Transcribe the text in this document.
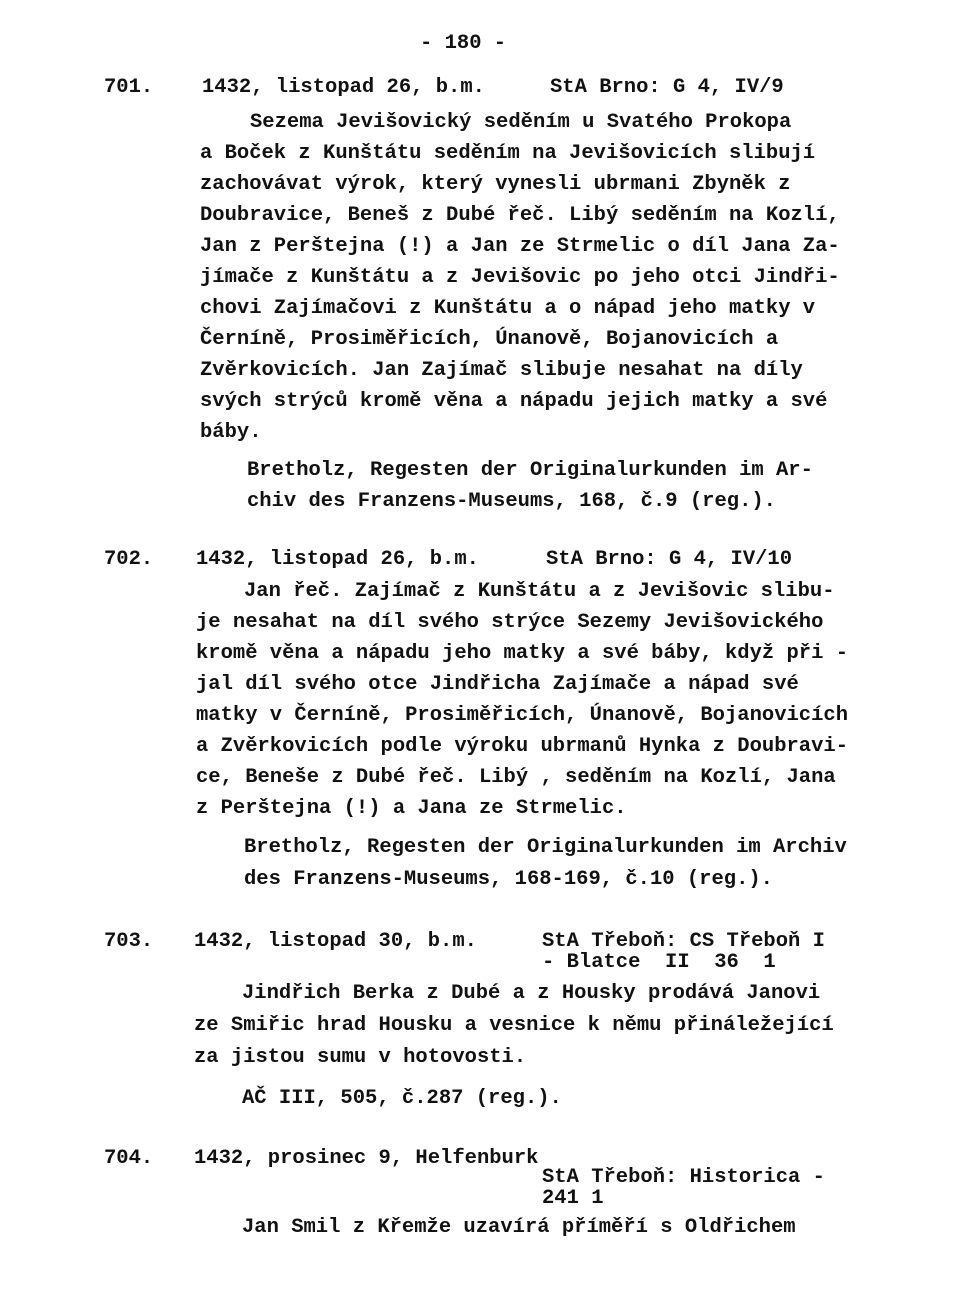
- 180 -
701. 1432, listopad 26, b.m.	StA Brno: G 4, IV/9
Sezema Jevišovický seděním u Svatého Prokopa
a Boček z Kunštátu seděním na Jevišovicích slibují
zachovávat výrok, který vynesli ubrmani Zbyněk z
Doubravice, Beneš z Dubé řeč. Libý seděním na Kozlí,
Jan z Perštejna (!) a Jan ze Strmelic o díl Jana Za-
jímače z Kunštátu a z Jevišovic po jeho otci Jindři-
chovi Zajímačovi z Kunštátu a o nápad jeho matky v
Černíně, Prosiměřicích, Únanově, Bojanovicích a
Zvěrkovicích. Jan Zajímač slibuje nesahat na díly
svých strýců kromě věna a nápadu jejich matky a své
báby.
Bretholz, Regesten der Originalurkunden im Ar-
chiv des Franzens-Museums, 168, č.9 (reg.).
702. 1432, listopad 26, b.m.	StA Brno: G 4, IV/10
Jan řeč. Zajímač z Kunštátu a z Jevišovic slibu-
je nesahat na díl svého strýce Sezemy Jevišovického
kromě věna a nápadu jeho matky a své báby, když při -
jal díl svého otce Jindřicha Zajímače a nápad své
matky v Černíně, Prosiměřicích, Únanově, Bojanovicích
a Zvěrkovicích podle výroku ubrmanů Hynka z Doubravi-
ce, Beneše z Dubé řeč. Libý , seděním na Kozlí, Jana
z Perštejna (!) a Jana ze Strmelic.
Bretholz, Regesten der Originalurkunden im Archiv
des Franzens-Museums, 168-169, č.10 (reg.).
703. 1432, listopad 30, b.m.	StA Třeboň: CS Třeboň I
- Blatce  II  36  1
Jindřich Berka z Dubé a z Housky prodává Janovi
ze Smiřic hrad Housku a vesnice k němu přináležející
za jistou sumu v hotovosti.
AČ III, 505, č.287 (reg.).
704. 1432, prosinec 9, Helfenburk
StA Třeboň: Historica -
241 1
Jan Smil z Křemže uzavírá příměří s Oldřichem
